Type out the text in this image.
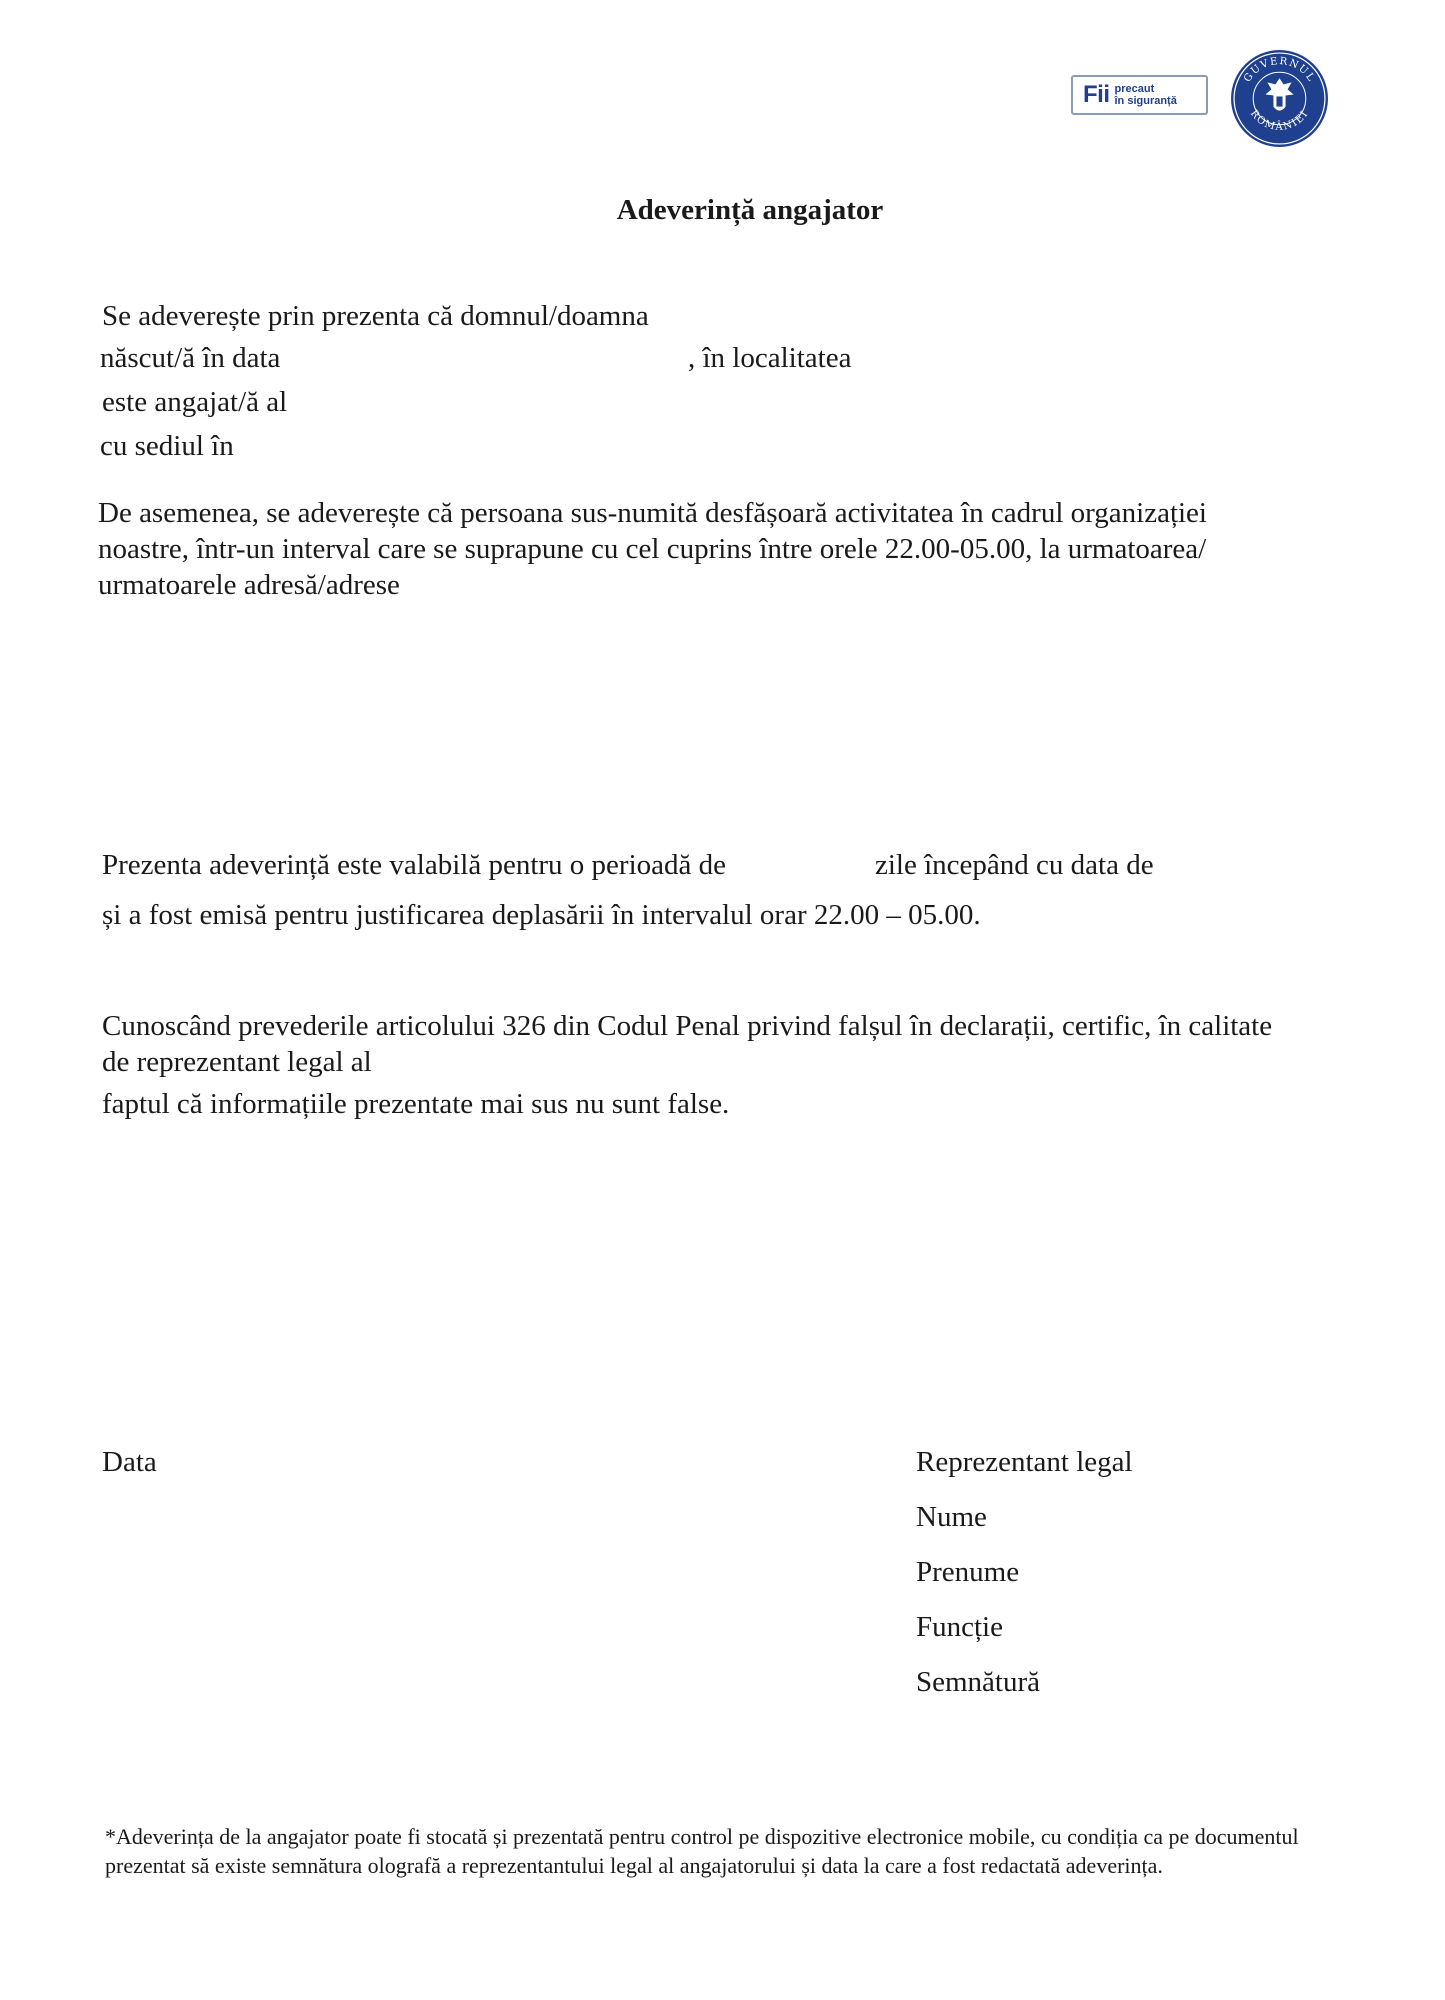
Fii precaut
în siguranță
GUVERNUL
ROMÂNIEI
Adeverință angajator
Se adeverește prin prezenta că domnul/doamna
născut/ă în data	, în localitatea
este angajat/ă al
cu sediul în
De asemenea, se adeverește că persoana sus-numită desfășoară activitatea în cadrul organizației
noastre, într-un interval care se suprapune cu cel cuprins între orele 22.00-05.00, la urmatoarea/
urmatoarele adresă/adrese
Prezenta adeverință este valabilă pentru o perioadă de	zile începând cu data de
și a fost emisă pentru justificarea deplasării în intervalul orar 22.00 – 05.00.
Cunoscând prevederile articolului 326 din Codul Penal privind falșul în declarații, certific, în calitate
de reprezentant legal al
faptul că informațiile prezentate mai sus nu sunt false.
Data	Reprezentant legal
Nume
Prenume
Funcție
Semnătură
*Adeverința de la angajator poate fi stocată și prezentată pentru control pe dispozitive electronice mobile, cu condiția ca pe documentul prezentat să existe semnătura olografă a reprezentantului legal al angajatorului și data la care a fost redactată adeverința.
